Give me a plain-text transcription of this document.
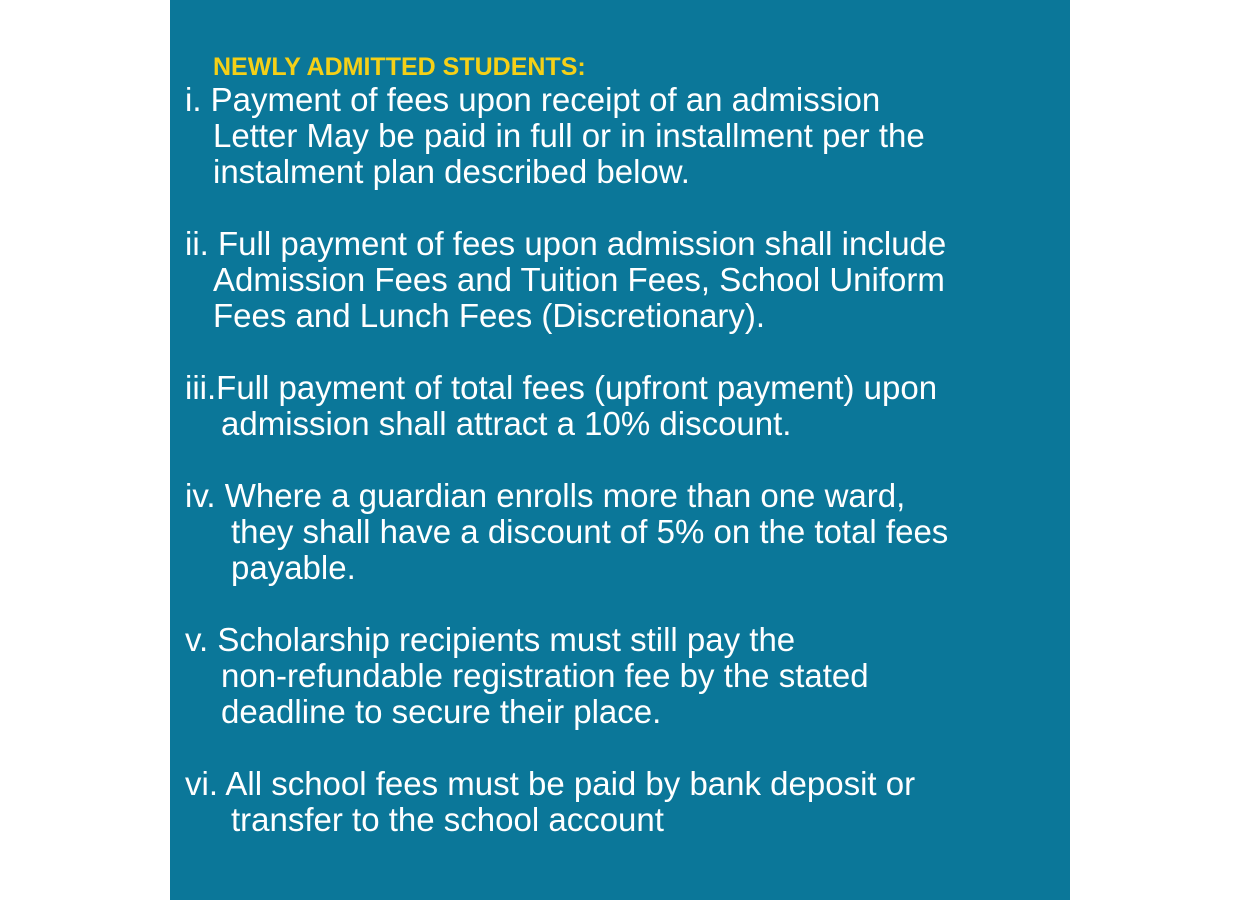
NEWLY ADMITTED STUDENTS:
i. Payment of fees upon receipt of an admission
Letter May be paid in full or in installment per the
instalment plan described below.
ii. Full payment of fees upon admission shall include
Admission Fees and Tuition Fees, School Uniform
Fees and Lunch Fees (Discretionary).
iii.Full payment of total fees (upfront payment) upon
admission shall attract a 10% discount.
iv. Where a guardian enrolls more than one ward,
they shall have a discount of 5% on the total fees
payable.
v. Scholarship recipients must still pay the
non-refundable registration fee by the stated
deadline to secure their place.
vi. All school fees must be paid by bank deposit or
transfer to the school account
